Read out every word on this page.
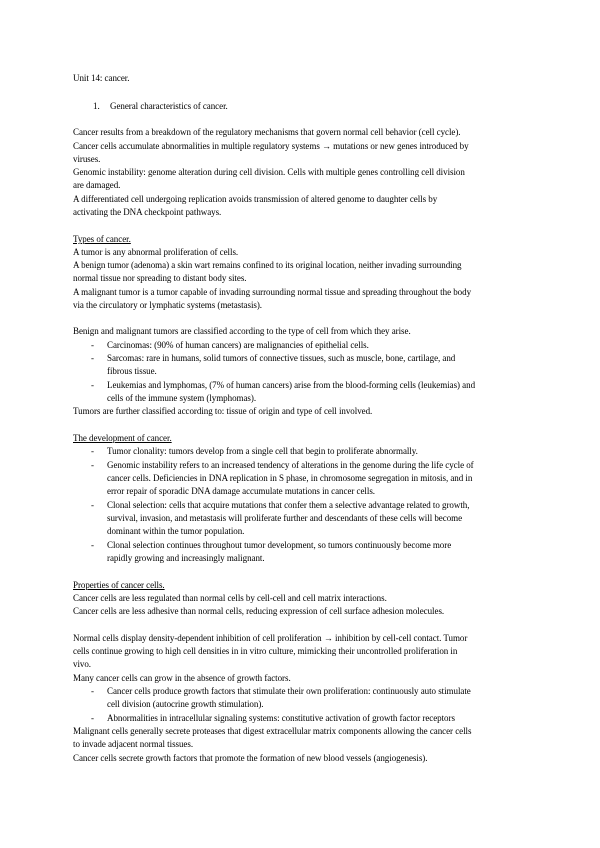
Unit 14: cancer.
1. General characteristics of cancer.
Cancer results from a breakdown of the regulatory mechanisms that govern normal cell behavior (cell cycle).
Cancer cells accumulate abnormalities in multiple regulatory systems → mutations or new genes introduced by
viruses.
Genomic instability: genome alteration during cell division. Cells with multiple genes controlling cell division
are damaged.
A differentiated cell undergoing replication avoids transmission of altered genome to daughter cells by
activating the DNA checkpoint pathways.
Types of cancer.
A tumor is any abnormal proliferation of cells.
A benign tumor (adenoma) a skin wart remains confined to its original location, neither invading surrounding
normal tissue nor spreading to distant body sites.
A malignant tumor is a tumor capable of invading surrounding normal tissue and spreading throughout the body
via the circulatory or lymphatic systems (metastasis).
Benign and malignant tumors are classified according to the type of cell from which they arise.
- Carcinomas: (90% of human cancers) are malignancies of epithelial cells.
- Sarcomas: rare in humans, solid tumors of connective tissues, such as muscle, bone, cartilage, and
fibrous tissue.
- Leukemias and lymphomas, (7% of human cancers) arise from the blood-forming cells (leukemias) and
cells of the immune system (lymphomas).
Tumors are further classified according to: tissue of origin and type of cell involved.
The development of cancer.
- Tumor clonality: tumors develop from a single cell that begin to proliferate abnormally.
- Genomic instability refers to an increased tendency of alterations in the genome during the life cycle of
cancer cells. Deficiencies in DNA replication in S phase, in chromosome segregation in mitosis, and in
error repair of sporadic DNA damage accumulate mutations in cancer cells.
- Clonal selection: cells that acquire mutations that confer them a selective advantage related to growth,
survival, invasion, and metastasis will proliferate further and descendants of these cells will become
dominant within the tumor population.
- Clonal selection continues throughout tumor development, so tumors continuously become more
rapidly growing and increasingly malignant.
Properties of cancer cells.
Cancer cells are less regulated than normal cells by cell-cell and cell matrix interactions.
Cancer cells are less adhesive than normal cells, reducing expression of cell surface adhesion molecules.
Normal cells display density-dependent inhibition of cell proliferation → inhibition by cell-cell contact. Tumor
cells continue growing to high cell densities in in vitro culture, mimicking their uncontrolled proliferation in
vivo.
Many cancer cells can grow in the absence of growth factors.
- Cancer cells produce growth factors that stimulate their own proliferation: continuously auto stimulate
cell division (autocrine growth stimulation).
- Abnormalities in intracellular signaling systems: constitutive activation of growth factor receptors
Malignant cells generally secrete proteases that digest extracellular matrix components allowing the cancer cells
to invade adjacent normal tissues.
Cancer cells secrete growth factors that promote the formation of new blood vessels (angiogenesis).
